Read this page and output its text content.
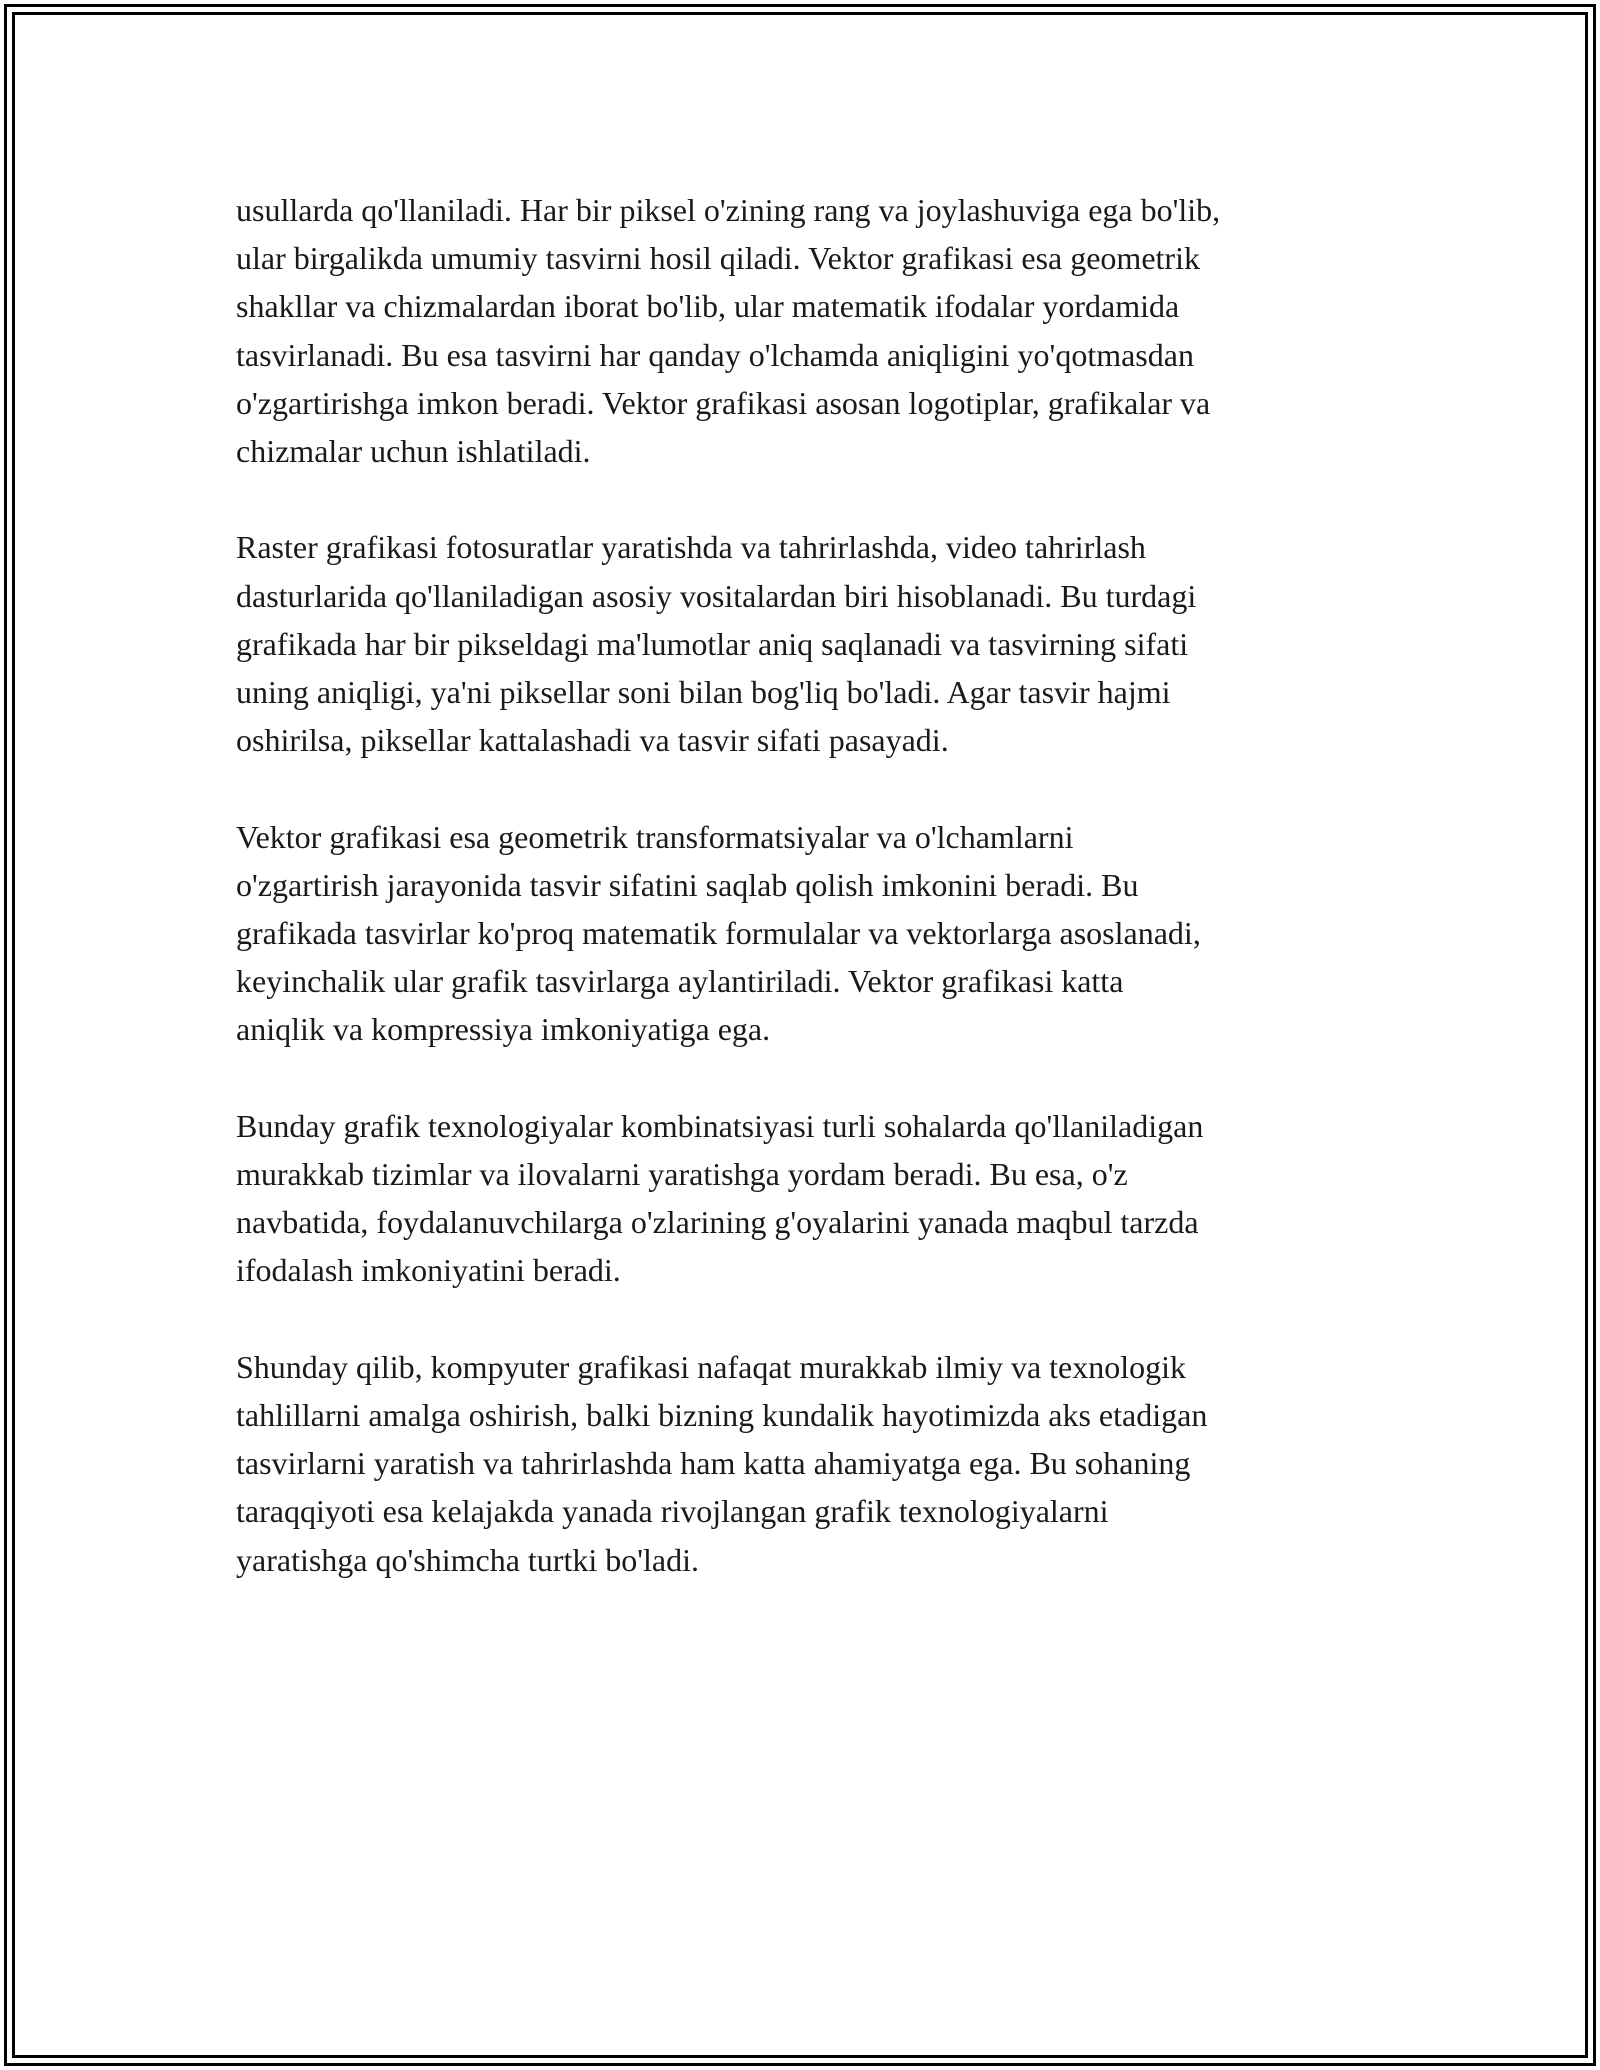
usullarda qo'llaniladi. Har bir piksel o'zining rang va joylashuviga ega bo'lib,
ular birgalikda umumiy tasvirni hosil qiladi. Vektor grafikasi esa geometrik
shakllar va chizmalardan iborat bo'lib, ular matematik ifodalar yordamida
tasvirlanadi. Bu esa tasvirni har qanday o'lchamda aniqligini yo'qotmasdan
o'zgartirishga imkon beradi. Vektor grafikasi asosan logotiplar, grafikalar va
chizmalar uchun ishlatiladi.

Raster grafikasi fotosuratlar yaratishda va tahrirlashda, video tahrirlash
dasturlarida qo'llaniladigan asosiy vositalardan biri hisoblanadi. Bu turdagi
grafikada har bir pikseldagi ma'lumotlar aniq saqlanadi va tasvirning sifati
uning aniqligi, ya'ni piksellar soni bilan bog'liq bo'ladi. Agar tasvir hajmi
oshirilsa, piksellar kattalashadi va tasvir sifati pasayadi.

Vektor grafikasi esa geometrik transformatsiyalar va o'lchamlarni
o'zgartirish jarayonida tasvir sifatini saqlab qolish imkonini beradi. Bu
grafikada tasvirlar ko'proq matematik formulalar va vektorlarga asoslanadi,
keyinchalik ular grafik tasvirlarga aylantiriladi. Vektor grafikasi katta
aniqlik va kompressiya imkoniyatiga ega.

Bunday grafik texnologiyalar kombinatsiyasi turli sohalarda qo'llaniladigan
murakkab tizimlar va ilovalarni yaratishga yordam beradi. Bu esa, o'z
navbatida, foydalanuvchilarga o'zlarining g'oyalarini yanada maqbul tarzda
ifodalash imkoniyatini beradi.

Shunday qilib, kompyuter grafikasi nafaqat murakkab ilmiy va texnologik
tahlillarni amalga oshirish, balki bizning kundalik hayotimizda aks etadigan
tasvirlarni yaratish va tahrirlashda ham katta ahamiyatga ega. Bu sohaning
taraqqiyoti esa kelajakda yanada rivojlangan grafik texnologiyalarni
yaratishga qo'shimcha turtki bo'ladi.
